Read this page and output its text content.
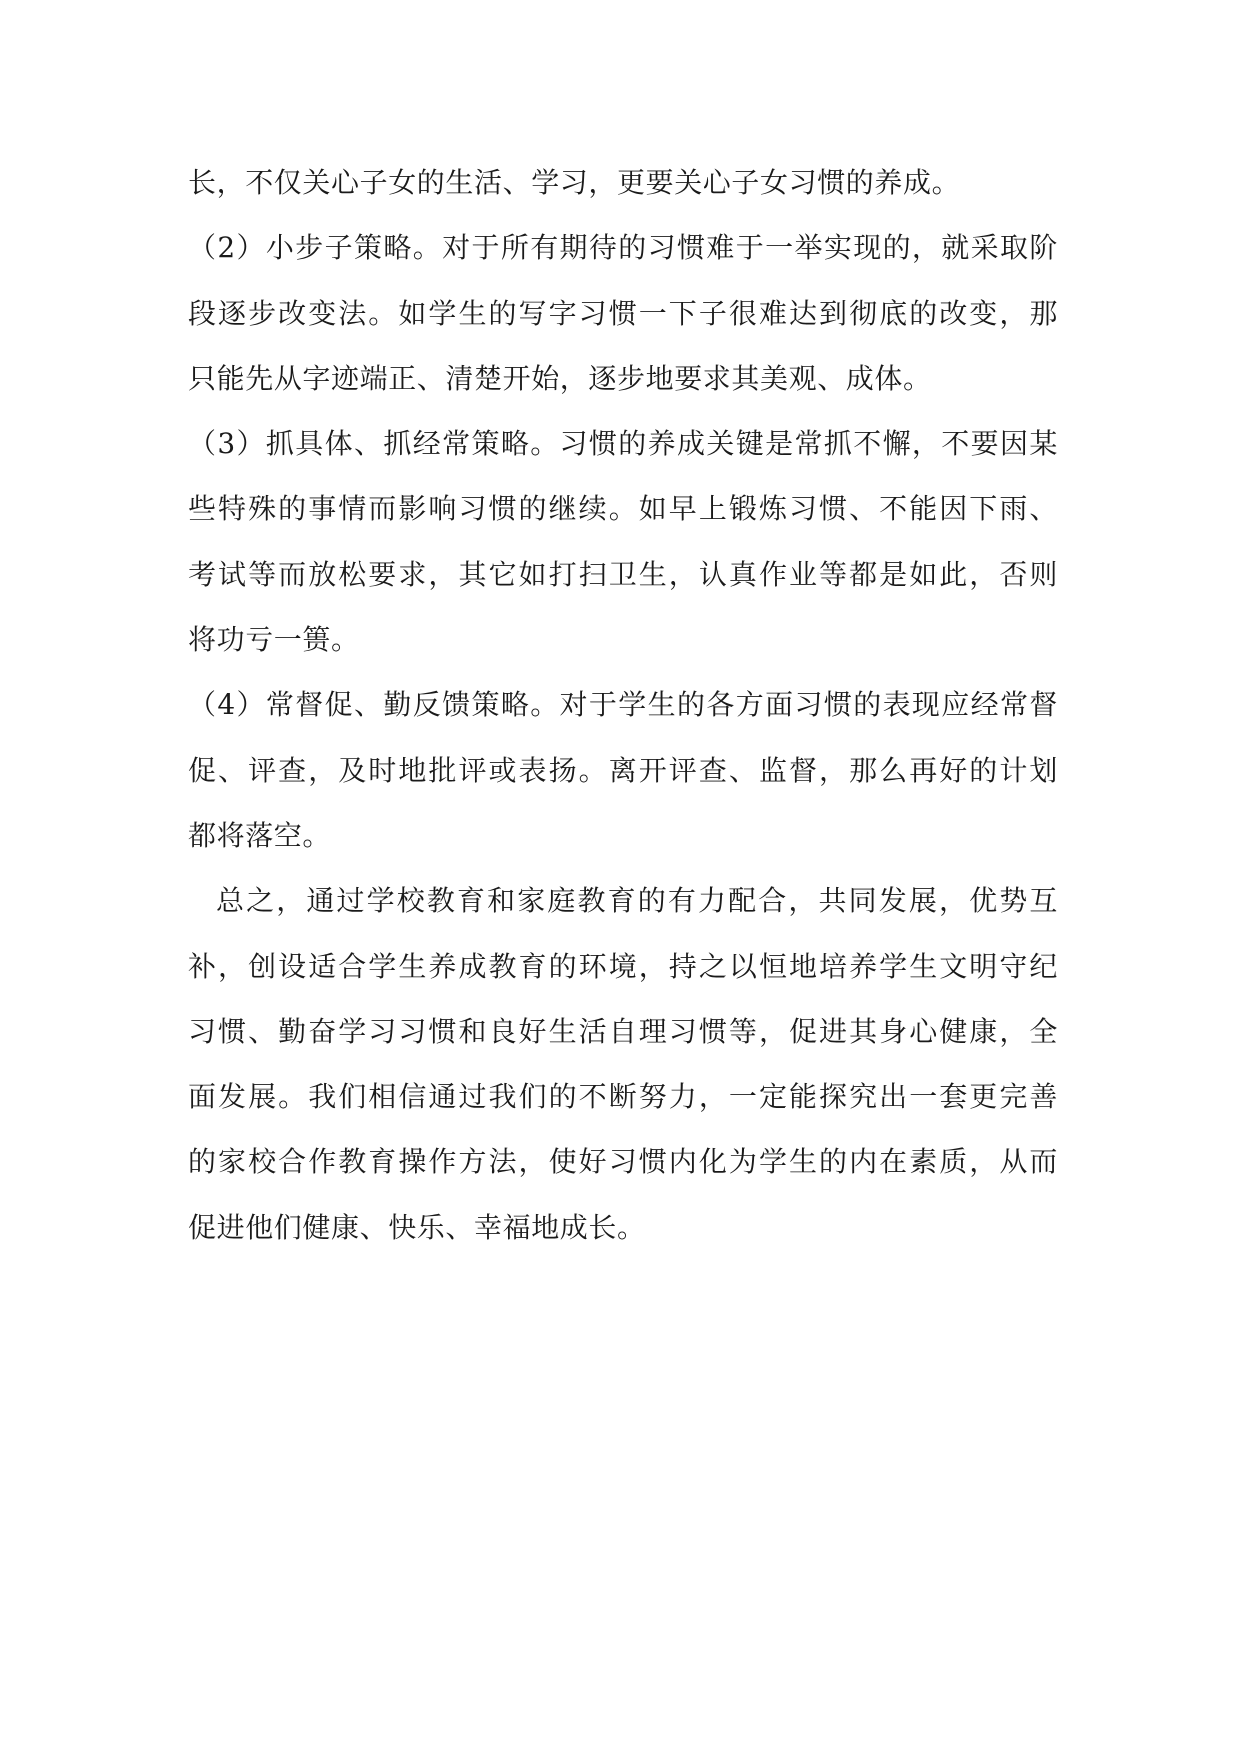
长，不仅关心子女的生活、学习，更要关心子女习惯的养成。
（2）小步子策略。对于所有期待的习惯难于一举实现的，就采取阶
段逐步改变法。如学生的写字习惯一下子很难达到彻底的改变，那
只能先从字迹端正、清楚开始，逐步地要求其美观、成体。
（3）抓具体、抓经常策略。习惯的养成关键是常抓不懈，不要因某
些特殊的事情而影响习惯的继续。如早上锻炼习惯、不能因下雨、
考试等而放松要求，其它如打扫卫生，认真作业等都是如此，否则
将功亏一篑。
（4）常督促、勤反馈策略。对于学生的各方面习惯的表现应经常督
促、评查，及时地批评或表扬。离开评查、监督，那么再好的计划
都将落空。
总之，通过学校教育和家庭教育的有力配合，共同发展，优势互
补，创设适合学生养成教育的环境，持之以恒地培养学生文明守纪
习惯、勤奋学习习惯和良好生活自理习惯等，促进其身心健康，全
面发展。我们相信通过我们的不断努力，一定能探究出一套更完善
的家校合作教育操作方法，使好习惯内化为学生的内在素质，从而
促进他们健康、快乐、幸福地成长。
